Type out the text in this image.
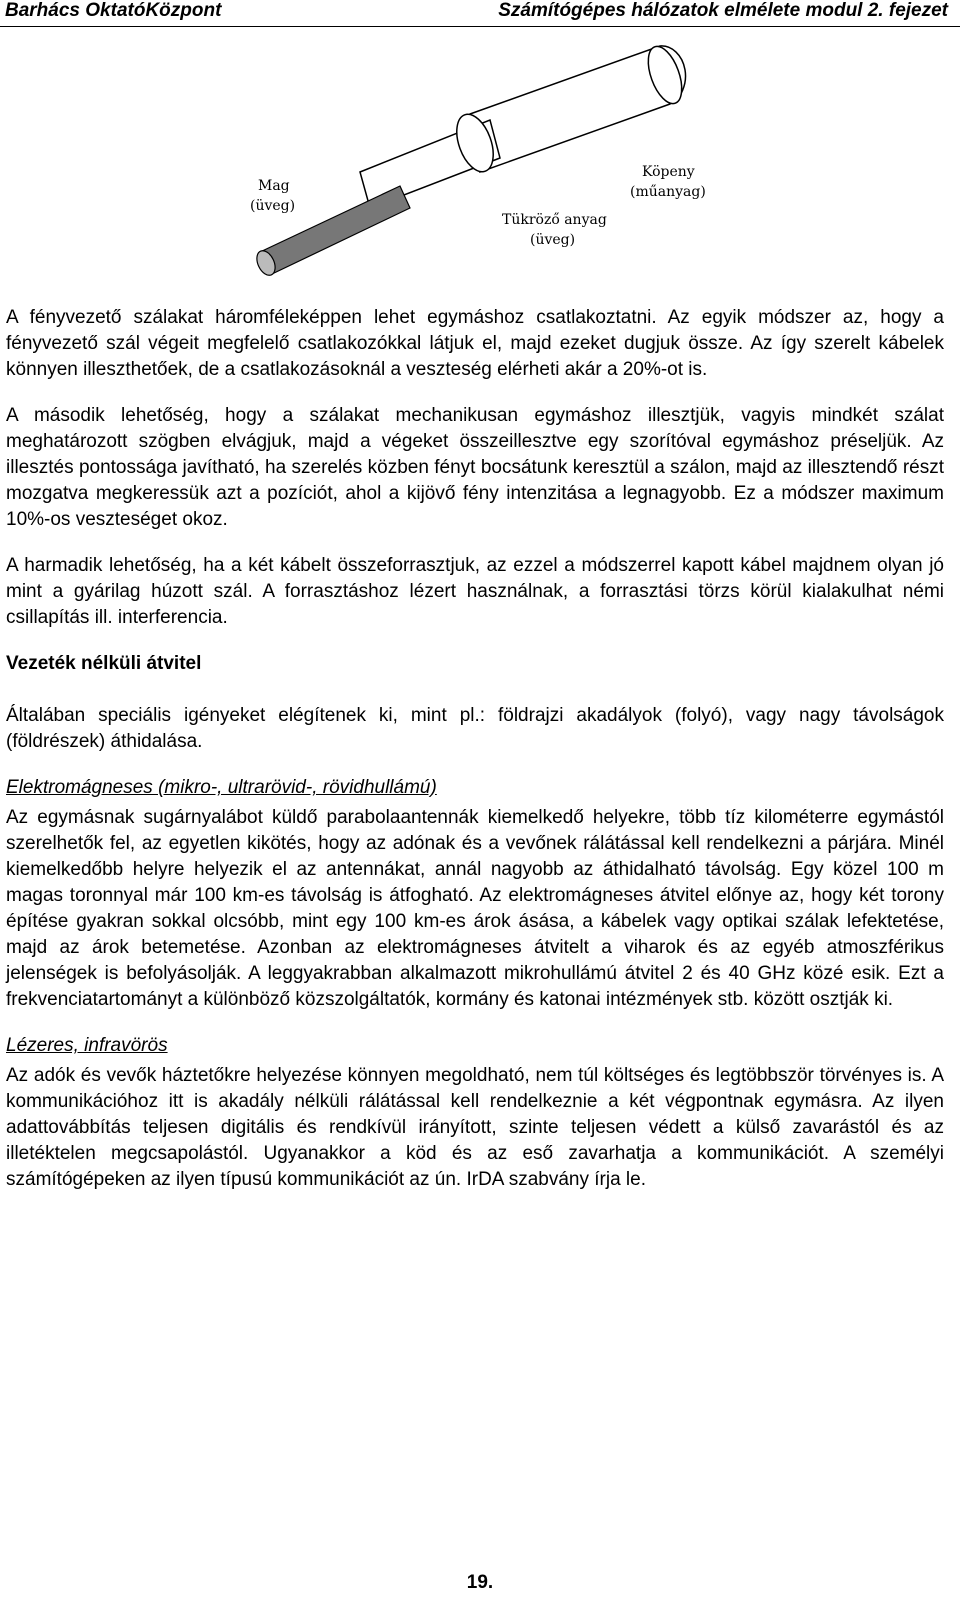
Barhács OktatóKözpont	Számítógépes hálózatok elmélete modul 2. fejezet
Mag
(üveg)
Köpeny
(műanyag)
Tükröző anyag
(üveg)

A fényvezető szálakat háromféleképpen lehet egymáshoz csatlakoztatni. Az egyik módszer az, hogy a fényvezető szál végeit megfelelő csatlakozókkal látjuk el, majd ezeket dugjuk össze. Az így szerelt kábelek könnyen illeszthetőek, de a csatlakozásoknál a veszteség elérheti akár a 20%-ot is.

A második lehetőség, hogy a szálakat mechanikusan egymáshoz illesztjük, vagyis mindkét szálat meghatározott szögben elvágjuk, majd a végeket összeillesztve egy szorítóval egymáshoz préseljük. Az illesztés pontossága javítható, ha szerelés közben fényt bocsátunk keresztül a szálon, majd az illesztendő részt mozgatva megkeressük azt a pozíciót, ahol a kijövő fény intenzitása a legnagyobb. Ez a módszer maximum 10%-os veszteséget okoz.

A harmadik lehetőség, ha a két kábelt összeforrasztjuk, az ezzel a módszerrel kapott kábel majdnem olyan jó mint a gyárilag húzott szál. A forrasztáshoz lézert használnak, a forrasztási törzs körül kialakulhat némi csillapítás ill. interferencia.

Vezeték nélküli átvitel

Általában speciális igényeket elégítenek ki, mint pl.: földrajzi akadályok (folyó), vagy nagy távolságok (földrészek) áthidalása.

Elektromágneses (mikro-, ultrarövid-, rövidhullámú)

Az egymásnak sugárnyalábot küldő parabolaantennák kiemelkedő helyekre, több tíz kilométerre egymástól szerelhetők fel, az egyetlen kikötés, hogy az adónak és a vevőnek rálátással kell rendelkezni a párjára. Minél kiemelkedőbb helyre helyezik el az antennákat, annál nagyobb az áthidalható távolság. Egy közel 100 m magas toronnyal már 100 km-es távolság is átfogható. Az elektromágneses átvitel előnye az, hogy két torony építése gyakran sokkal olcsóbb, mint egy 100 km-es árok ásása, a kábelek vagy optikai szálak lefektetése, majd az árok betemetése. Azonban az elektromágneses átvitelt a viharok és az egyéb atmoszférikus jelenségek is befolyásolják. A leggyakrabban alkalmazott mikrohullámú átvitel 2 és 40 GHz közé esik. Ezt a frekvenciatartományt a különböző közszolgáltatók, kormány és katonai intézmények stb. között osztják ki.

Lézeres, infravörös

Az adók és vevők háztetőkre helyezése könnyen megoldható, nem túl költséges és legtöbbször törvényes is. A kommunikációhoz itt is akadály nélküli rálátással kell rendelkeznie a két végpontnak egymásra. Az ilyen adattovábbítás teljesen digitális és rendkívül irányított, szinte teljesen védett a külső zavarástól és az illetéktelen megcsapolástól. Ugyanakkor a köd és az eső zavarhatja a kommunikációt. A személyi számítógépeken az ilyen típusú kommunikációt az ún. IrDA szabvány írja le.

19.
